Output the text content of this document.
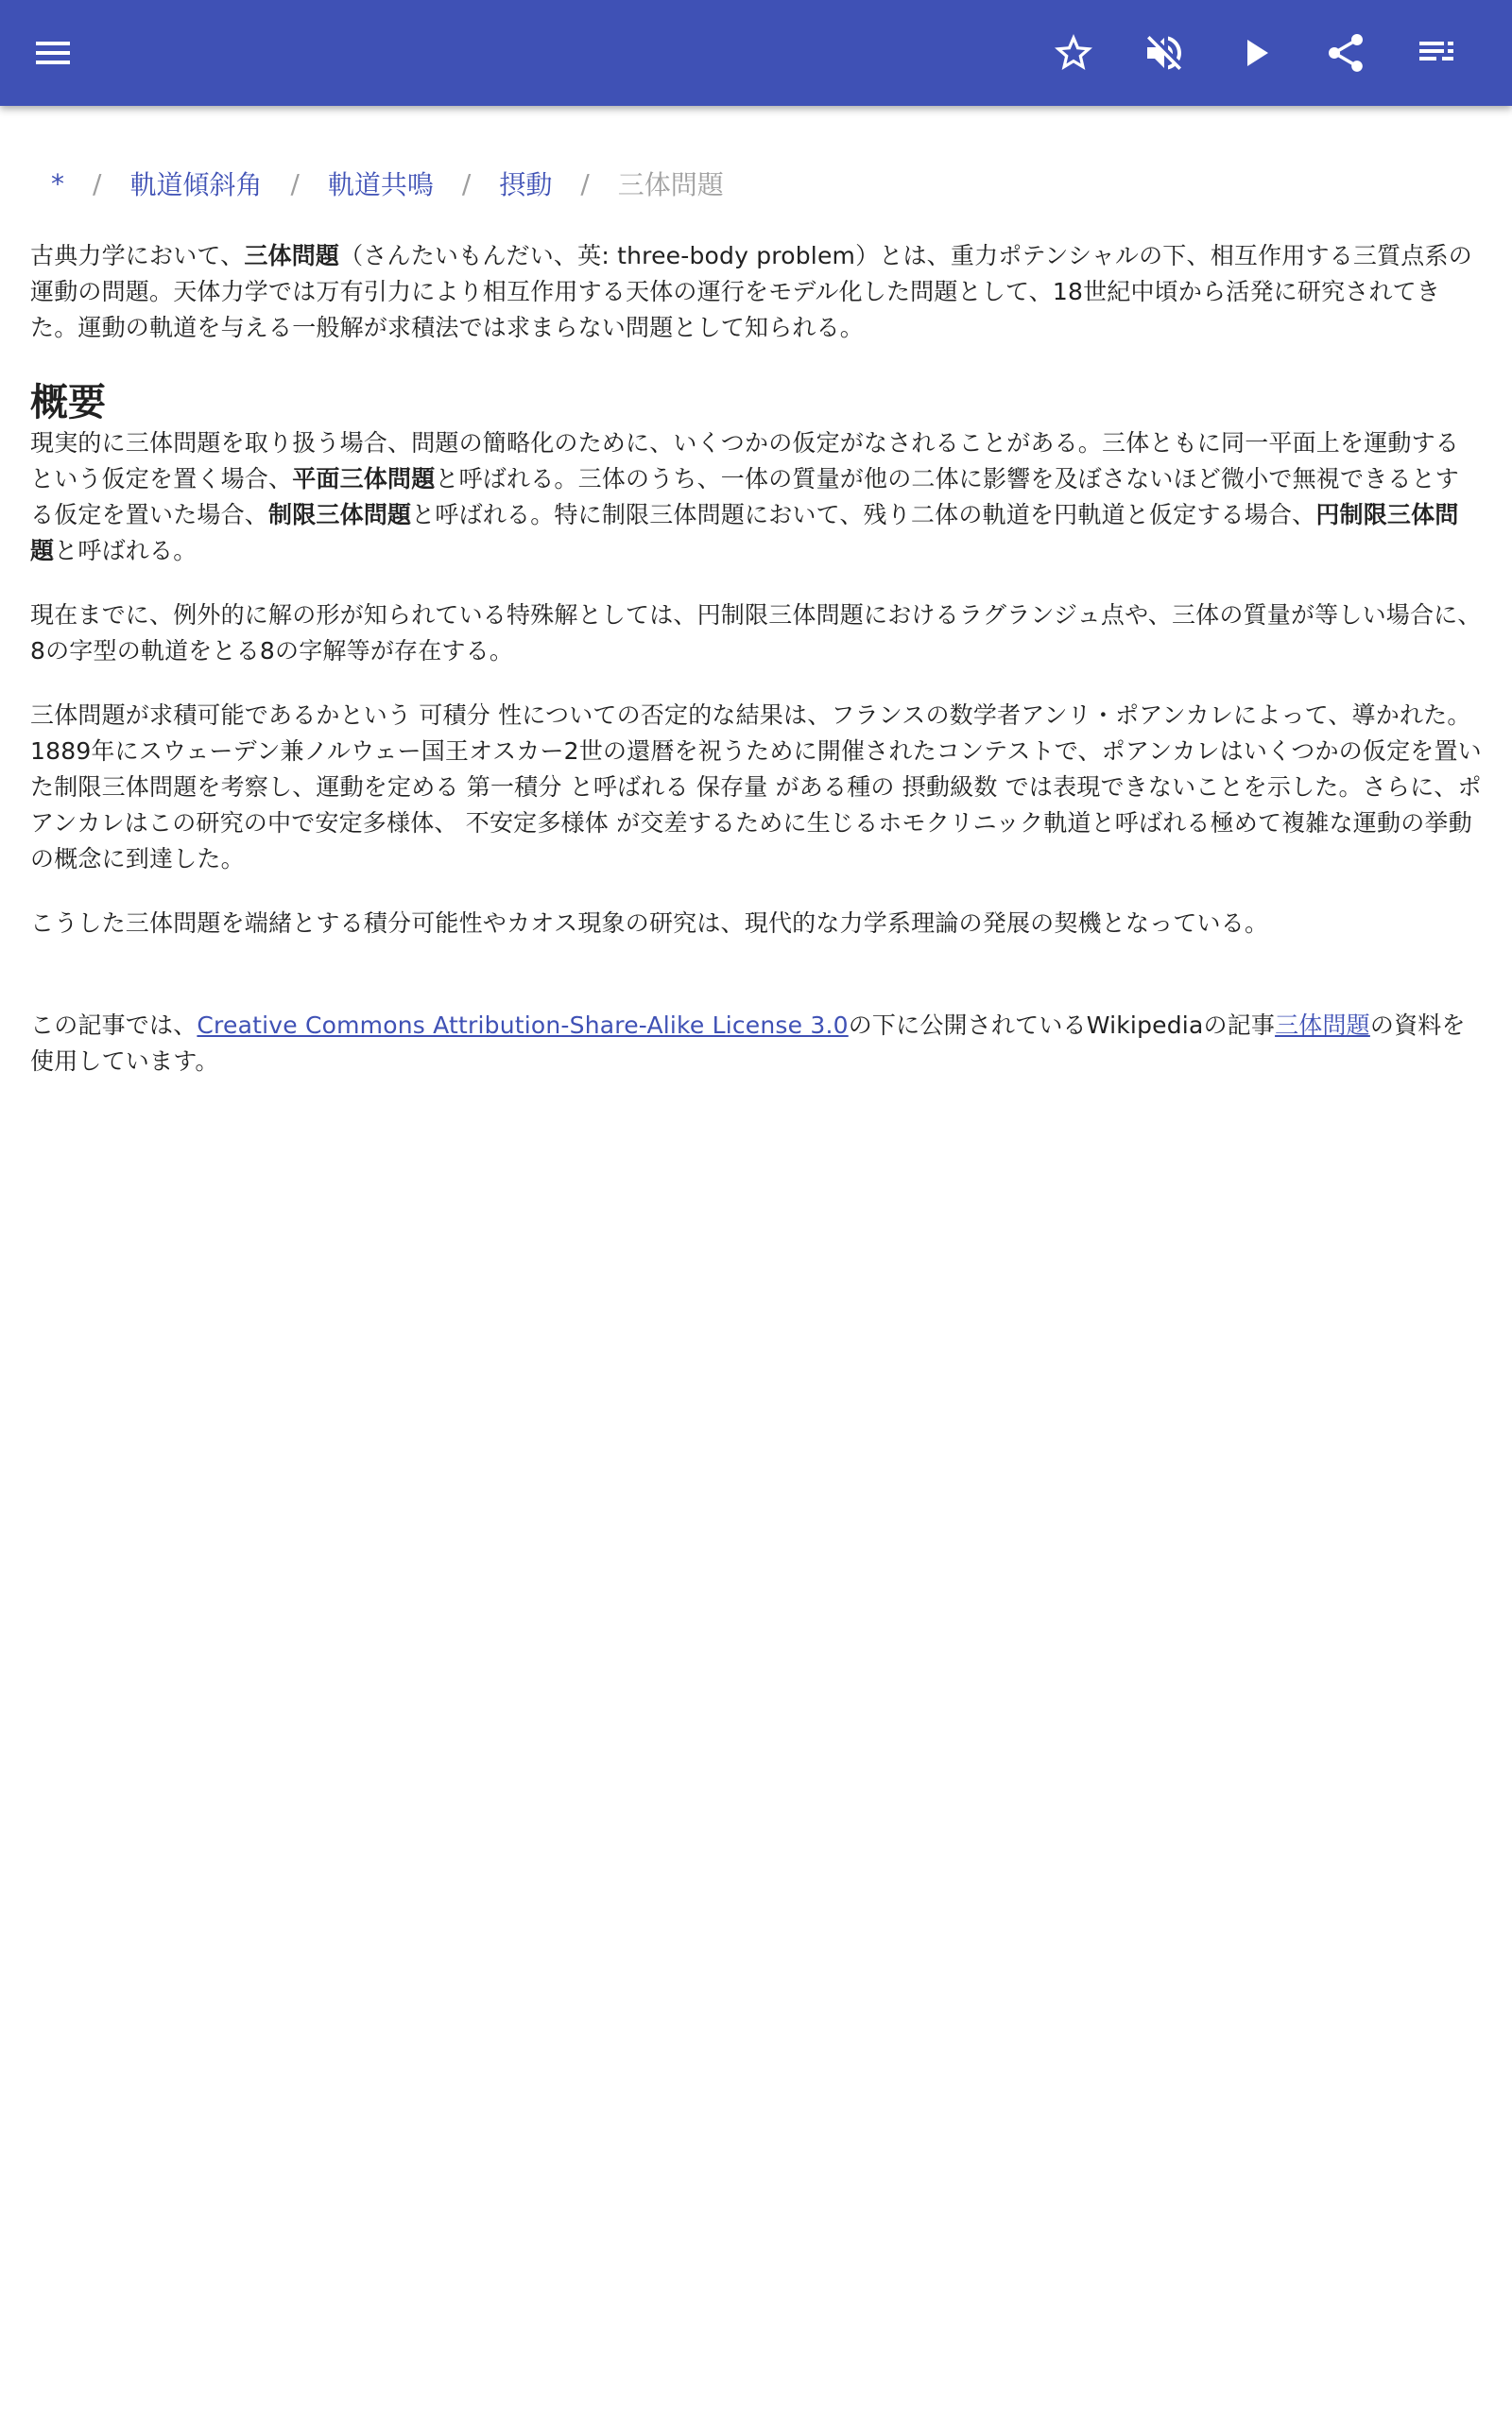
* / 軌道傾斜角 / 軌道共鳴 / 摂動 / 三体問題

古典力学において、三体問題（さんたいもんだい、英: three-body problem）とは、重力ポテンシャルの下、相互作用する三質点系の運動の問題。天体力学では万有引力により相互作用する天体の運行をモデル化した問題として、18世紀中頃から活発に研究されてきた。運動の軌道を与える一般解が求積法では求まらない問題として知られる。

概要

現実的に三体問題を取り扱う場合、問題の簡略化のために、いくつかの仮定がなされることがある。三体ともに同一平面上を運動するという仮定を置く場合、平面三体問題と呼ばれる。三体のうち、一体の質量が他の二体に影響を及ぼさないほど微小で無視できるとする仮定を置いた場合、制限三体問題と呼ばれる。特に制限三体問題において、残り二体の軌道を円軌道と仮定する場合、円制限三体問題と呼ばれる。

現在までに、例外的に解の形が知られている特殊解としては、円制限三体問題におけるラグランジュ点や、三体の質量が等しい場合に、8の字型の軌道をとる8の字解等が存在する。

三体問題が求積可能であるかという 可積分 性についての否定的な結果は、フランスの数学者アンリ・ポアンカレによって、導かれた。1889年にスウェーデン兼ノルウェー国王オスカー2世の還暦を祝うために開催されたコンテストで、ポアンカレはいくつかの仮定を置いた制限三体問題を考察し、運動を定める 第一積分 と呼ばれる 保存量 がある種の 摂動級数 では表現できないことを示した。さらに、ポアンカレはこの研究の中で安定多様体、 不安定多様体 が交差するために生じるホモクリニック軌道と呼ばれる極めて複雑な運動の挙動の概念に到達した。

こうした三体問題を端緒とする積分可能性やカオス現象の研究は、現代的な力学系理論の発展の契機となっている。

この記事では、Creative Commons Attribution-Share-Alike License 3.0の下に公開されているWikipediaの記事三体問題の資料を使用しています。
